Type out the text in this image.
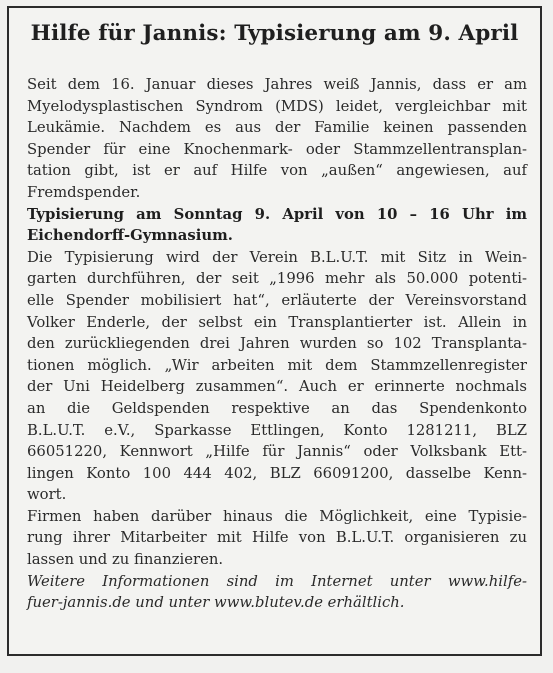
Hilfe für Jannis: Typisierung am 9. April
Seit dem 16. Januar dieses Jahres weiß Jannis, dass er am
Myelodysplastischen Syndrom (MDS) leidet, vergleichbar mit
Leukämie. Nachdem es aus der Familie keinen passenden
Spender für eine Knochenmark- oder Stammzellentransplan-
tation gibt, ist er auf Hilfe von „außen“ angewiesen, auf
Fremdspender.
Typisierung am Sonntag 9. April von 10 – 16 Uhr im
Eichendorff-Gymnasium.
Die Typisierung wird der Verein B.L.U.T. mit Sitz in Wein-
garten durchführen, der seit „1996 mehr als 50.000 potenti-
elle Spender mobilisiert hat“, erläuterte der Vereinsvorstand
Volker Enderle, der selbst ein Transplantierter ist. Allein in
den zurückliegenden drei Jahren wurden so 102 Transplanta-
tionen möglich. „Wir arbeiten mit dem Stammzellenregister
der Uni Heidelberg zusammen“. Auch er erinnerte nochmals
an die Geldspenden respektive an das Spendenkonto
B.L.U.T. e.V., Sparkasse Ettlingen, Konto 1281211, BLZ
66051220, Kennwort „Hilfe für Jannis“ oder Volksbank Ett-
lingen Konto 100 444 402, BLZ 66091200, dasselbe Kenn-
wort.
Firmen haben darüber hinaus die Möglichkeit, eine Typisie-
rung ihrer Mitarbeiter mit Hilfe von B.L.U.T. organisieren zu
lassen und zu finanzieren.
Weitere Informationen sind im Internet unter www.hilfe-
fuer-jannis.de und unter www.blutev.de erhältlich.
